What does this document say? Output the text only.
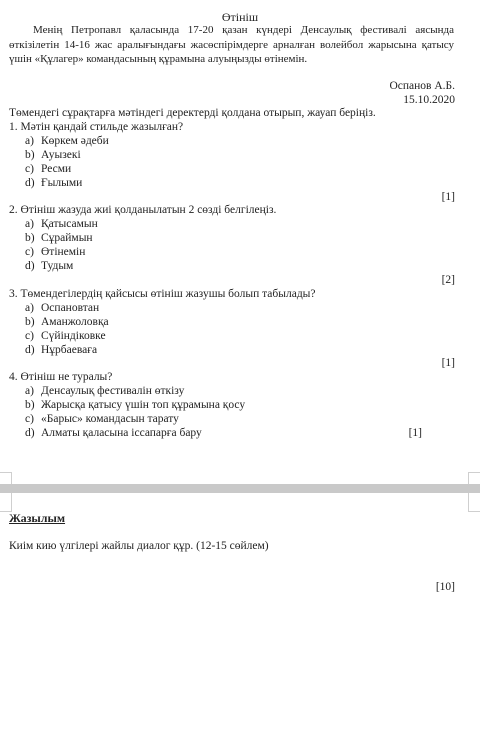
Өтініш
Менің Петропавл қаласында 17-20 қазан күндері Денсаулық фестивалі аясында өткізілетін 14-16 жас аралығындағы жасөспірімдерге арналған волейбол жарысына қатысу үшін «Құлагер» командасының құрамына алуыңызды өтінемін.
Оспанов А.Б.
15.10.2020
Төмендегі сұрақтарға мәтіндегі деректерді қолдана отырып, жауап беріңіз.
1. Мәтін қандай стильде жазылған?
a) Көркем әдеби
b) Ауызекі
c) Ресми
d) Ғылыми
[1]
2. Өтініш жазуда жиі қолданылатын 2 сөзді белгілеңіз.
a) Қатысамын
b) Сұраймын
c) Өтінемін
d) Тудым
[2]
3. Төмендегілердің қайсысы өтініш жазушы болып табылады?
a) Оспановтан
b) Аманжоловқа
c) Сүйіндіковке
d) Нұрбаеваға
[1]
4. Өтініш не туралы?
a) Денсаулық фестивалін өткізу
b) Жарысқа қатысу үшін топ құрамына қосу
c) «Барыс» командасын тарату
d) Алматы қаласына іссапарға бару	[1]
Жазылым
Киім кию үлгілері жайлы диалог құр. (12-15 сөйлем)
[10]
